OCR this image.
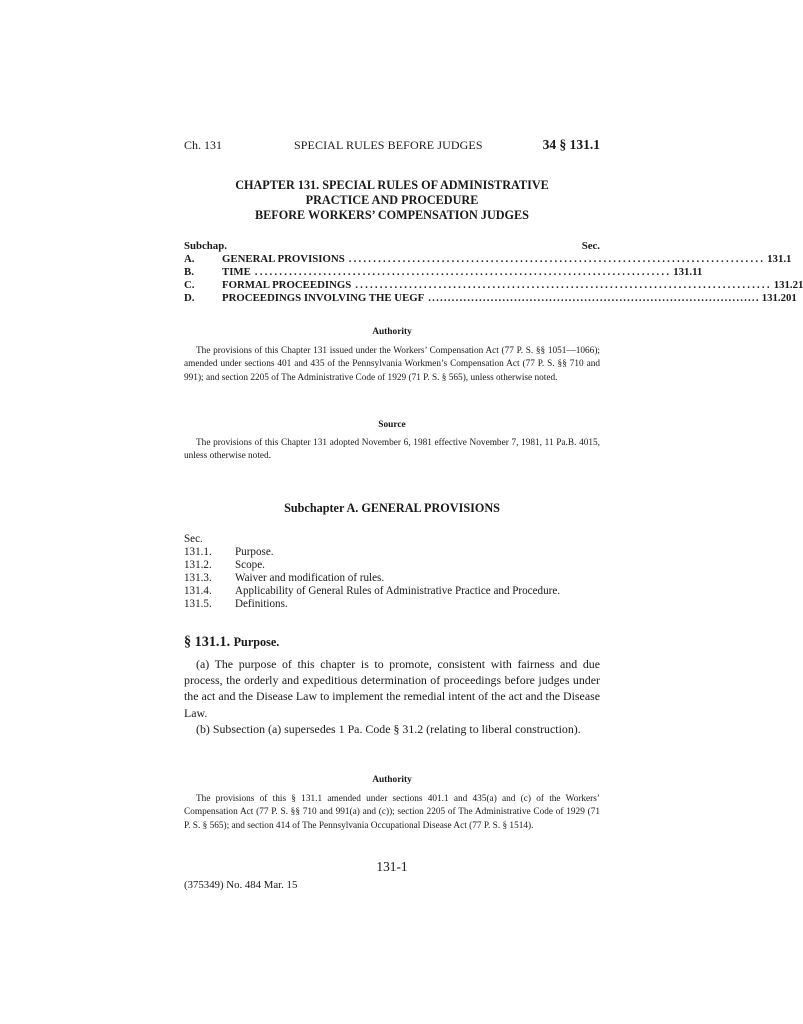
Ch. 131	SPECIAL RULES BEFORE JUDGES	34 § 131.1
CHAPTER 131. SPECIAL RULES OF ADMINISTRATIVE
PRACTICE AND PROCEDURE
BEFORE WORKERS’ COMPENSATION JUDGES
Subchap.	Sec.
A.	GENERAL PROVISIONS ..................................................................................... 131.1
B.	TIME ..................................................................................... 131.11
C.	FORMAL PROCEEDINGS ..................................................................................... 131.21
D.	PROCEEDINGS INVOLVING THE UEGF ..................................................................................... 131.201
Authority

The provisions of this Chapter 131 issued under the Workers’ Compensation Act (77 P. S. §§ 1051—1066); amended under sections 401 and 435 of the Pennsylvania Workmen’s Compensation Act (77 P. S. §§ 710 and 991); and section 2205 of The Administrative Code of 1929 (71 P. S. § 565), unless otherwise noted.

Source

The provisions of this Chapter 131 adopted November 6, 1981 effective November 7, 1981, 11 Pa.B. 4015, unless otherwise noted.

Subchapter A. GENERAL PROVISIONS
Sec.
131.1.	Purpose.
131.2.	Scope.
131.3.	Waiver and modification of rules.
131.4.	Applicability of General Rules of Administrative Practice and Procedure.
131.5.	Definitions.
§ 131.1. Purpose.

(a) The purpose of this chapter is to promote, consistent with fairness and due process, the orderly and expeditious determination of proceedings before judges under the act and the Disease Law to implement the remedial intent of the act and the Disease Law.

(b) Subsection (a) supersedes 1 Pa. Code § 31.2 (relating to liberal construction).

Authority

The provisions of this § 131.1 amended under sections 401.1 and 435(a) and (c) of the Workers’ Compensation Act (77 P. S. §§ 710 and 991(a) and (c)); section 2205 of The Administrative Code of 1929 (71 P. S. § 565); and section 414 of The Pennsylvania Occupational Disease Act (77 P. S. § 1514).

131-1
(375349) No. 484 Mar. 15
